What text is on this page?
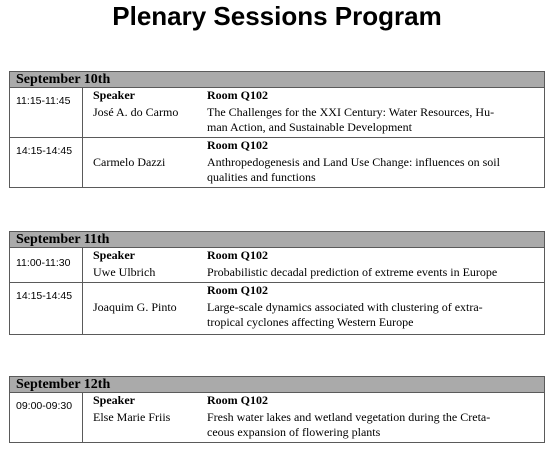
Plenary Sessions Program
September 10th
11:15-11:45	Speaker
José A. do Carmo
Room Q102
The Challenges for the XXI Century: Water Resources, Hu-
man Action, and Sustainable Development
14:15-14:45
Carmelo Dazzi
Room Q102
Anthropedogenesis and Land Use Change: influences on soil
qualities and functions
September 11th
11:00-11:30
Speaker
Uwe Ulbrich
Room Q102
Probabilistic decadal prediction of extreme events in Europe
14:15-14:45
Joaquim G. Pinto
Room Q102
Large-scale dynamics associated with clustering of extra-
tropical cyclones affecting Western Europe
September 12th
09:00-09:30	Speaker
Else Marie Friis
Room Q102
Fresh water lakes and wetland vegetation during the Creta-
ceous expansion of flowering plants
